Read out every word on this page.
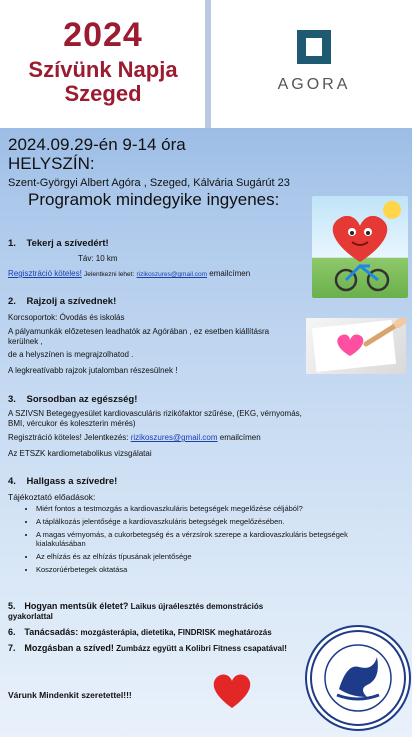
2024
Szívünk Napja
Szeged	AGORA
2024.09.29-én 9-14 óra
HELYSZÍN:
Szent-Györgyi Albert Agóra , Szeged, Kálvária Sugárút 23
Programok mindegyike ingyenes:
1. Tekerj a szívedért!
Táv: 10 km
Regisztráció köteles! Jelentkezni lehet: rizikoszures@gmail.com emailcímen
2. Rajzolj a szívednek!
Korcsoportok: Óvodás és iskolás
A pályamunkák előzetesen leadhatók az Agórában , ez esetben kiállításra kerülnek ,
de a helyszínen is megrajzolhatod .
A legkreatívabb rajzok jutalomban részesülnek !
3. Sorsodban az egészség!
A SZIVSN Betegegyesület kardiovasculáris rizikófaktor szűrése, (EKG, vérnyomás, BMI, vércukor és koleszterin mérés)
Regisztráció köteles! Jelentkezés: rizikoszures@gmail.com emailcímen
Az ETSZK kardiometabolikus vizsgálatai
4. Hallgass a szívedre!
Tájékoztató előadások:
• Miért fontos a testmozgás a kardiovaszkuláris betegségek megelőzése céljából?
• A táplálkozás jelentősége a kardiovaszkuláris betegségek megelőzésében.
• A magas vérnyomás, a cukorbetegség és a vérzsírok szerepe a kardiovaszkuláris betegségek kialakulásában
• Az elhízás és az elhízás típusának jelentősége
• Koszorúérbetegek oktatása
5. Hogyan mentsük életet? Laikus újraélesztés demonstrációs gyakorlattal
6. Tanácsadás: mozgásterápia, dietetika, FINDRISK meghatározás
7. Mozgásban a szíved! Zumbázz együtt a Kolibri Fitness csapatával!
Várunk Mindenkit szeretettel!!!
